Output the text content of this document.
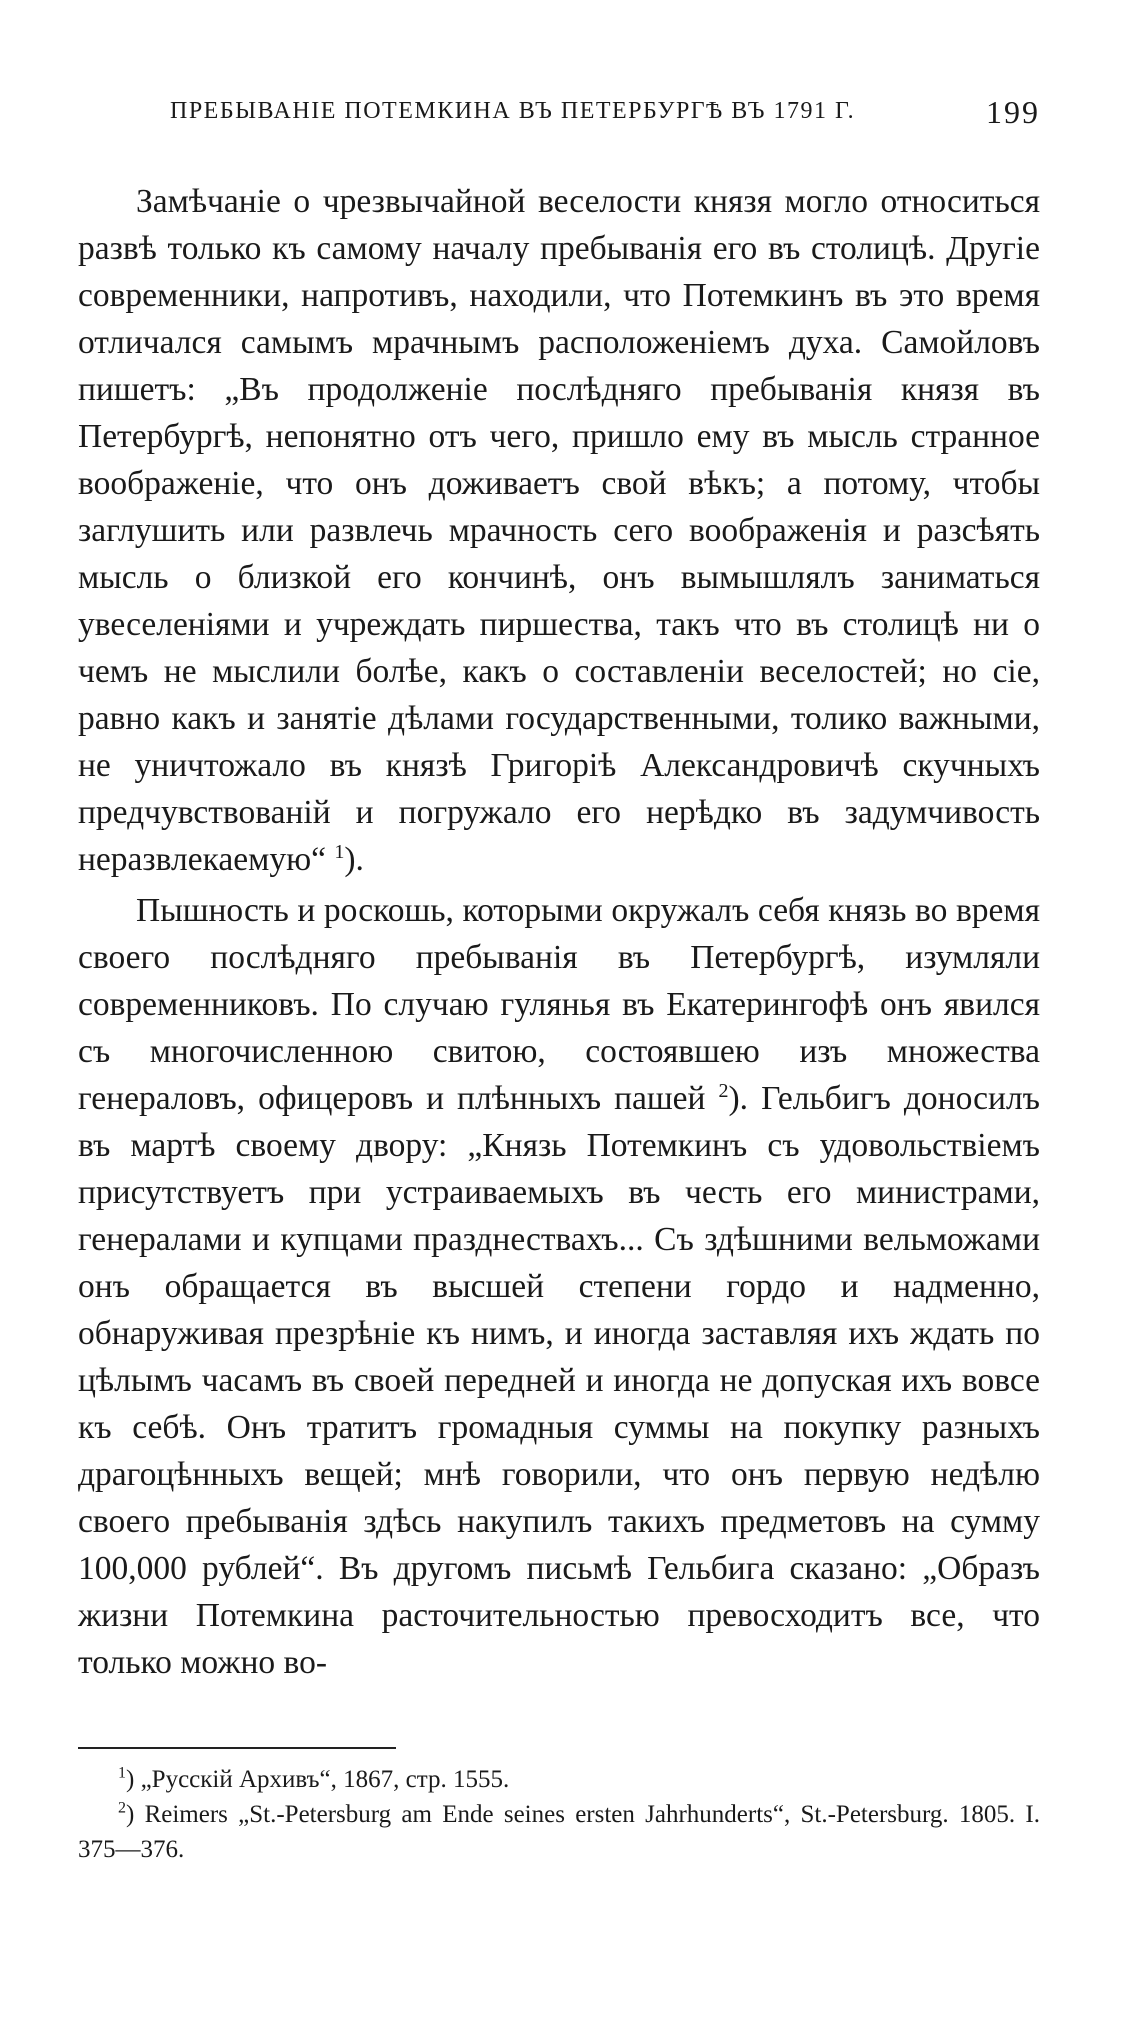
ПРЕБЫВАНІЕ ПОТЕМКИНА ВЪ ПЕТЕРБУРГѢ ВЪ 1791 Г.	199

Замѣчаніе о чрезвычайной веселости князя могло относиться развѣ только къ самому началу пребыванія его въ столицѣ. Другіе современники, напротивъ, находили, что Потемкинъ въ это время отличался самымъ мрачнымъ расположеніемъ духа. Самойловъ пишетъ: „Въ продолженіе послѣдняго пребыванія князя въ Петербургѣ, непонятно отъ чего, пришло ему въ мысль странное воображеніе, что онъ доживаетъ свой вѣкъ; а потому, чтобы заглушить или развлечь мрачность сего воображенія и разсѣять мысль о близкой его кончинѣ, онъ вымышлялъ заниматься увеселеніями и учреждать пиршества, такъ что въ столицѣ ни о чемъ не мыслили болѣе, какъ о составленіи веселостей; но сіе, равно какъ и занятіе дѣлами государственными, толико важными, не уничтожало въ князѣ Григоріѣ Александровичѣ скучныхъ предчувствованій и погружало его нерѣдко въ задумчивость неразвлекаемую“ $^1$).

Пышность и роскошь, которыми окружалъ себя князь во время своего послѣдняго пребыванія въ Петербургѣ, изумляли современниковъ. По случаю гулянья въ Екатерингофѣ онъ явился съ многочисленною свитою, состоявшею изъ множества генераловъ, офицеровъ и плѣнныхъ пашей $^2$). Гельбигъ доносилъ въ мартѣ своему двору: „Князь Потемкинъ съ удовольствіемъ присутствуетъ при устраиваемыхъ въ честь его министрами, генералами и купцами празднествахъ... Съ здѣшними вельможами онъ обращается въ высшей степени гордо и надменно, обнаруживая презрѣніе къ нимъ, и иногда заставляя ихъ ждать по цѣлымъ часамъ въ своей передней и иногда не допуская ихъ вовсе къ себѣ. Онъ тратитъ громадныя суммы на покупку разныхъ драгоцѣнныхъ вещей; мнѣ говорили, что онъ первую недѣлю своего пребыванія здѣсь накупилъ такихъ предметовъ на сумму 100,000 рублей“. Въ другомъ письмѣ Гельбига сказано: „Образъ жизни Потемкина расточительностью превосходитъ все, что только можно во-

$^1$) „Русскій Архивъ“, 1867, стр. 1555.

$^2$) Reimers „St.-Petersburg am Ende seines ersten Jahrhunderts“, St.-Petersburg. 1805. I. 375—376.
